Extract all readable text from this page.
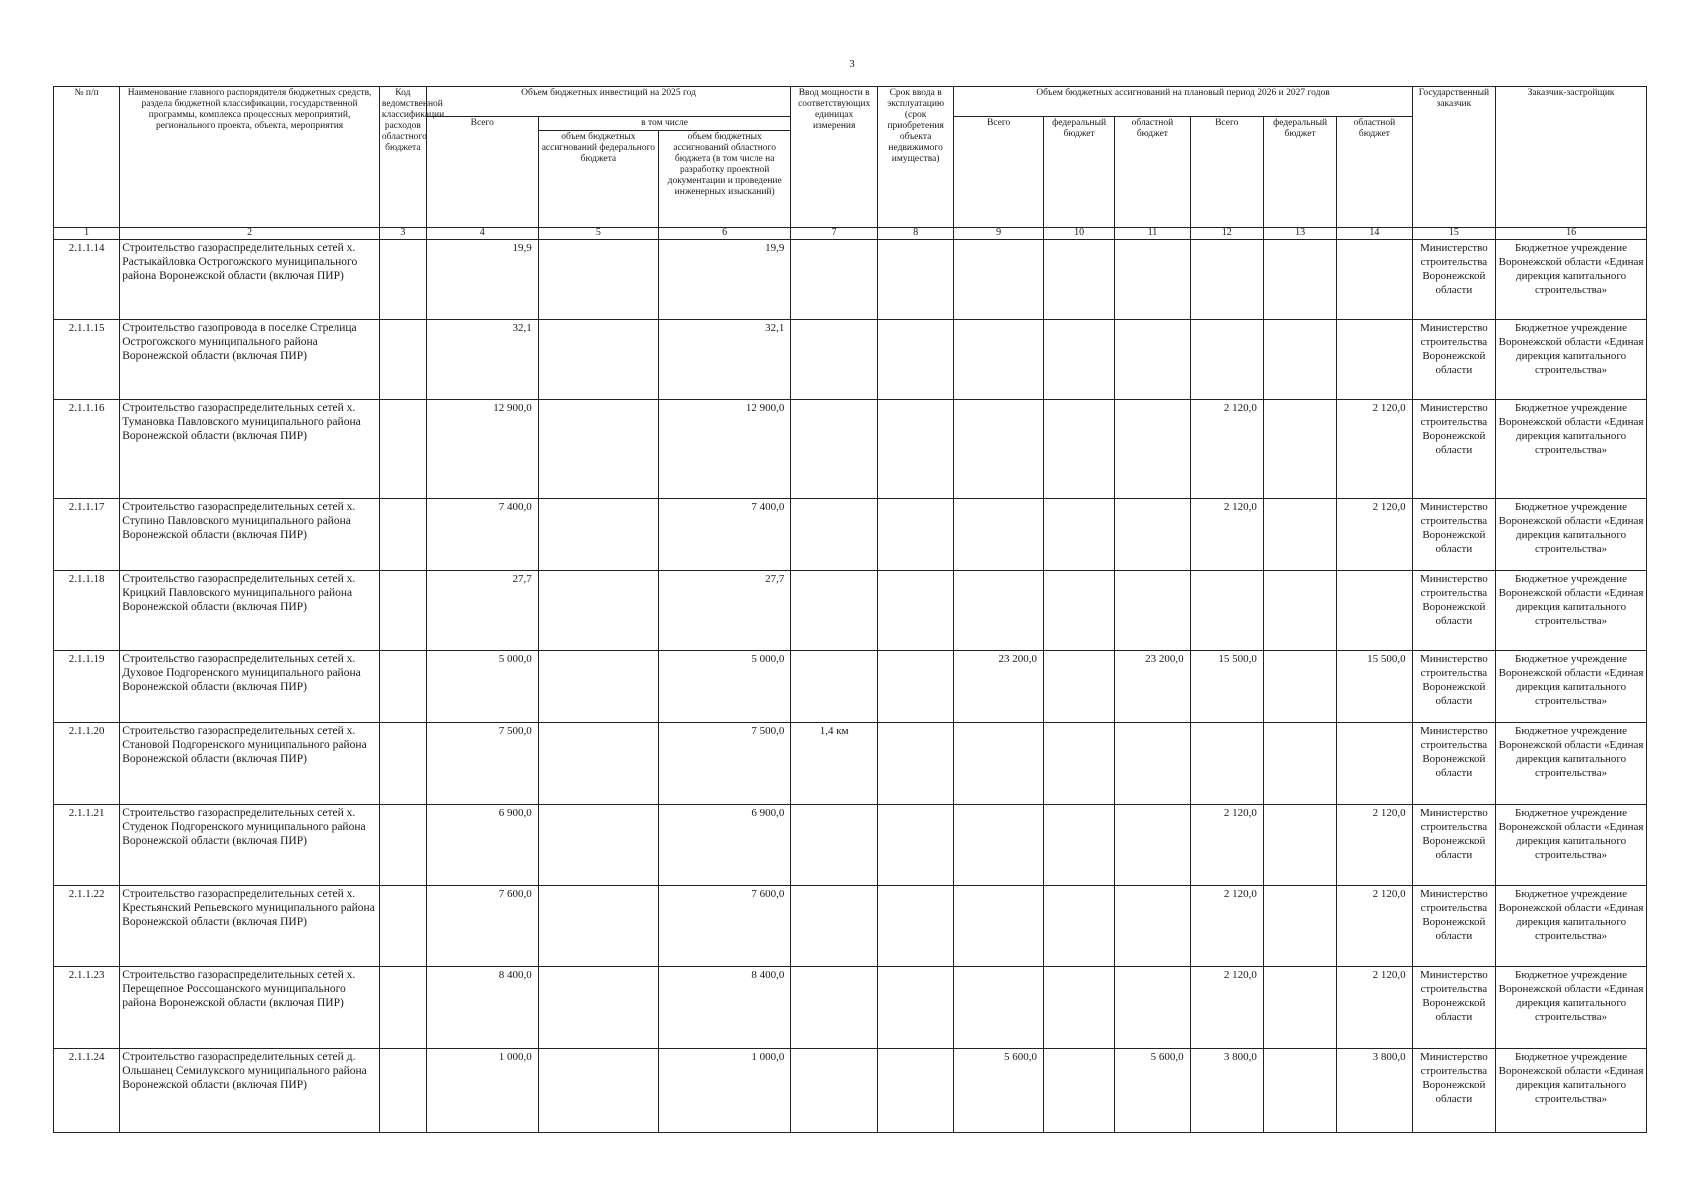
3
№ п/п	Наименование главного распорядителя бюджетных средств, раздела бюджетной классификации, государственной программы, комплекса процессных мероприятий, регионального проекта, объекта, мероприятия	Код ведомственной классификации расходов областного бюджета	Объем бюджетных инвестиций на 2025 год			Ввод мощности в соответствующих единицах измерения	Срок ввода в эксплуатацию (срок приобретения объекта недвижимого имущества)	Объем бюджетных ассигнований на плановый период 2026 и 2027 годов						Государственный заказчик	Заказчик-застройщик
			Всего	в том числе				Всего	федеральный бюджет	областной бюджет	Всего	федеральный бюджет	областной бюджет		
				объем бюджетных ассигнований федерального бюджета	объем бюджетных ассигнований областного бюджета (в том числе на разработку проектной документации и проведение инженерных изысканий)										
1	2	3	4	5	6	7	8	9	10	11	12	13	14	15	16
2.1.1.14	Строительство газораспределительных сетей х. Растыкайловка Острогожского муниципального района Воронежской области (включая ПИР)		19,9		19,9									Министерство строительства Воронежской области	Бюджетное учреждение Воронежской области «Единая дирекция капитального строительства»
2.1.1.15	Строительство газопровода в поселке Стрелица Острогожского муниципального района Воронежской области (включая ПИР)		32,1		32,1									Министерство строительства Воронежской области	Бюджетное учреждение Воронежской области «Единая дирекция капитального строительства»
2.1.1.16	Строительство газораспределительных сетей х. Тумановка Павловского муниципального района Воронежской области (включая ПИР)		12 900,0		12 900,0						2 120,0		2 120,0	Министерство строительства Воронежской области	Бюджетное учреждение Воронежской области «Единая дирекция капитального строительства»
2.1.1.17	Строительство газораспределительных сетей х. Ступино Павловского муниципального района Воронежской области (включая ПИР)		7 400,0		7 400,0						2 120,0		2 120,0	Министерство строительства Воронежской области	Бюджетное учреждение Воронежской области «Единая дирекция капитального строительства»
2.1.1.18	Строительство газораспределительных сетей х. Крицкий Павловского муниципального района Воронежской области (включая ПИР)		27,7		27,7									Министерство строительства Воронежской области	Бюджетное учреждение Воронежской области «Единая дирекция капитального строительства»
2.1.1.19	Строительство газораспределительных сетей х. Духовое Подгоренского муниципального района Воронежской области (включая ПИР)		5 000,0		5 000,0			23 200,0		23 200,0	15 500,0		15 500,0	Министерство строительства Воронежской области	Бюджетное учреждение Воронежской области «Единая дирекция капитального строительства»
2.1.1.20	Строительство газораспределительных сетей х. Становой Подгоренского муниципального района Воронежской области (включая ПИР)		7 500,0		7 500,0	1,4 км								Министерство строительства Воронежской области	Бюджетное учреждение Воронежской области «Единая дирекция капитального строительства»
2.1.1.21	Строительство газораспределительных сетей х. Студенок Подгоренского муниципального района Воронежской области (включая ПИР)		6 900,0		6 900,0						2 120,0		2 120,0	Министерство строительства Воронежской области	Бюджетное учреждение Воронежской области «Единая дирекция капитального строительства»
2.1.1.22	Строительство газораспределительных сетей х. Крестьянский Репьевского муниципального района Воронежской области (включая ПИР)		7 600,0		7 600,0						2 120,0		2 120,0	Министерство строительства Воронежской области	Бюджетное учреждение Воронежской области «Единая дирекция капитального строительства»
2.1.1.23	Строительство газораспределительных сетей х. Перещепное Россошанского муниципального района Воронежской области (включая ПИР)		8 400,0		8 400,0						2 120,0		2 120,0	Министерство строительства Воронежской области	Бюджетное учреждение Воронежской области «Единая дирекция капитального строительства»
2.1.1.24	Строительство газораспределительных сетей д. Ольшанец Семилукского муниципального района Воронежской области (включая ПИР)		1 000,0		1 000,0			5 600,0		5 600,0	3 800,0		3 800,0	Министерство строительства Воронежской области	Бюджетное учреждение Воронежской области «Единая дирекция капитального строительства»
